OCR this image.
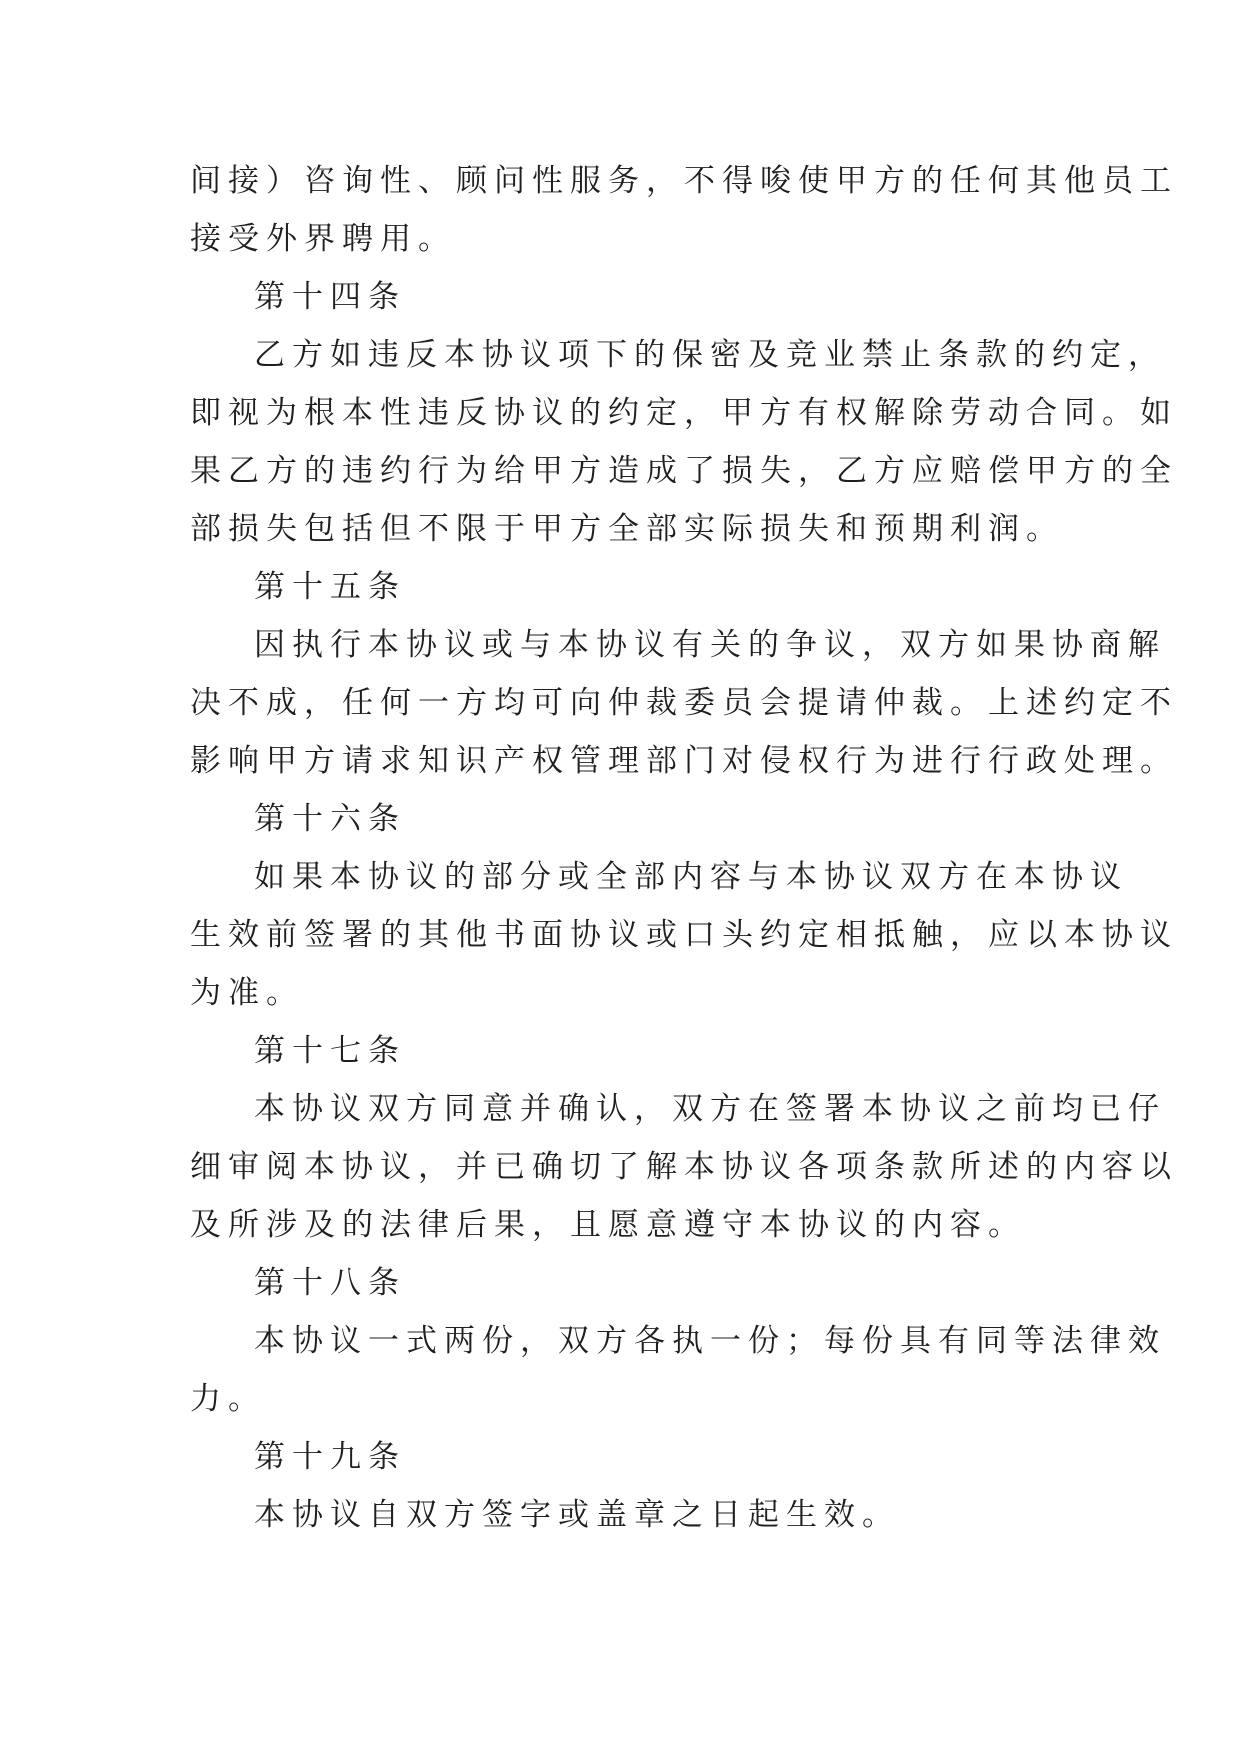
间接）咨询性、顾问性服务，不得唆使甲方的任何其他员工
接受外界聘用。
第十四条
乙方如违反本协议项下的保密及竞业禁止条款的约定，
即视为根本性违反协议的约定，甲方有权解除劳动合同。如
果乙方的违约行为给甲方造成了损失，乙方应赔偿甲方的全
部损失包括但不限于甲方全部实际损失和预期利润。
第十五条
因执行本协议或与本协议有关的争议，双方如果协商解
决不成，任何一方均可向仲裁委员会提请仲裁。上述约定不
影响甲方请求知识产权管理部门对侵权行为进行行政处理。
第十六条
如果本协议的部分或全部内容与本协议双方在本协议
生效前签署的其他书面协议或口头约定相抵触，应以本协议
为准。
第十七条
本协议双方同意并确认，双方在签署本协议之前均已仔
细审阅本协议，并已确切了解本协议各项条款所述的内容以
及所涉及的法律后果，且愿意遵守本协议的内容。
第十八条
本协议一式两份，双方各执一份；每份具有同等法律效
力。
第十九条
本协议自双方签字或盖章之日起生效。
